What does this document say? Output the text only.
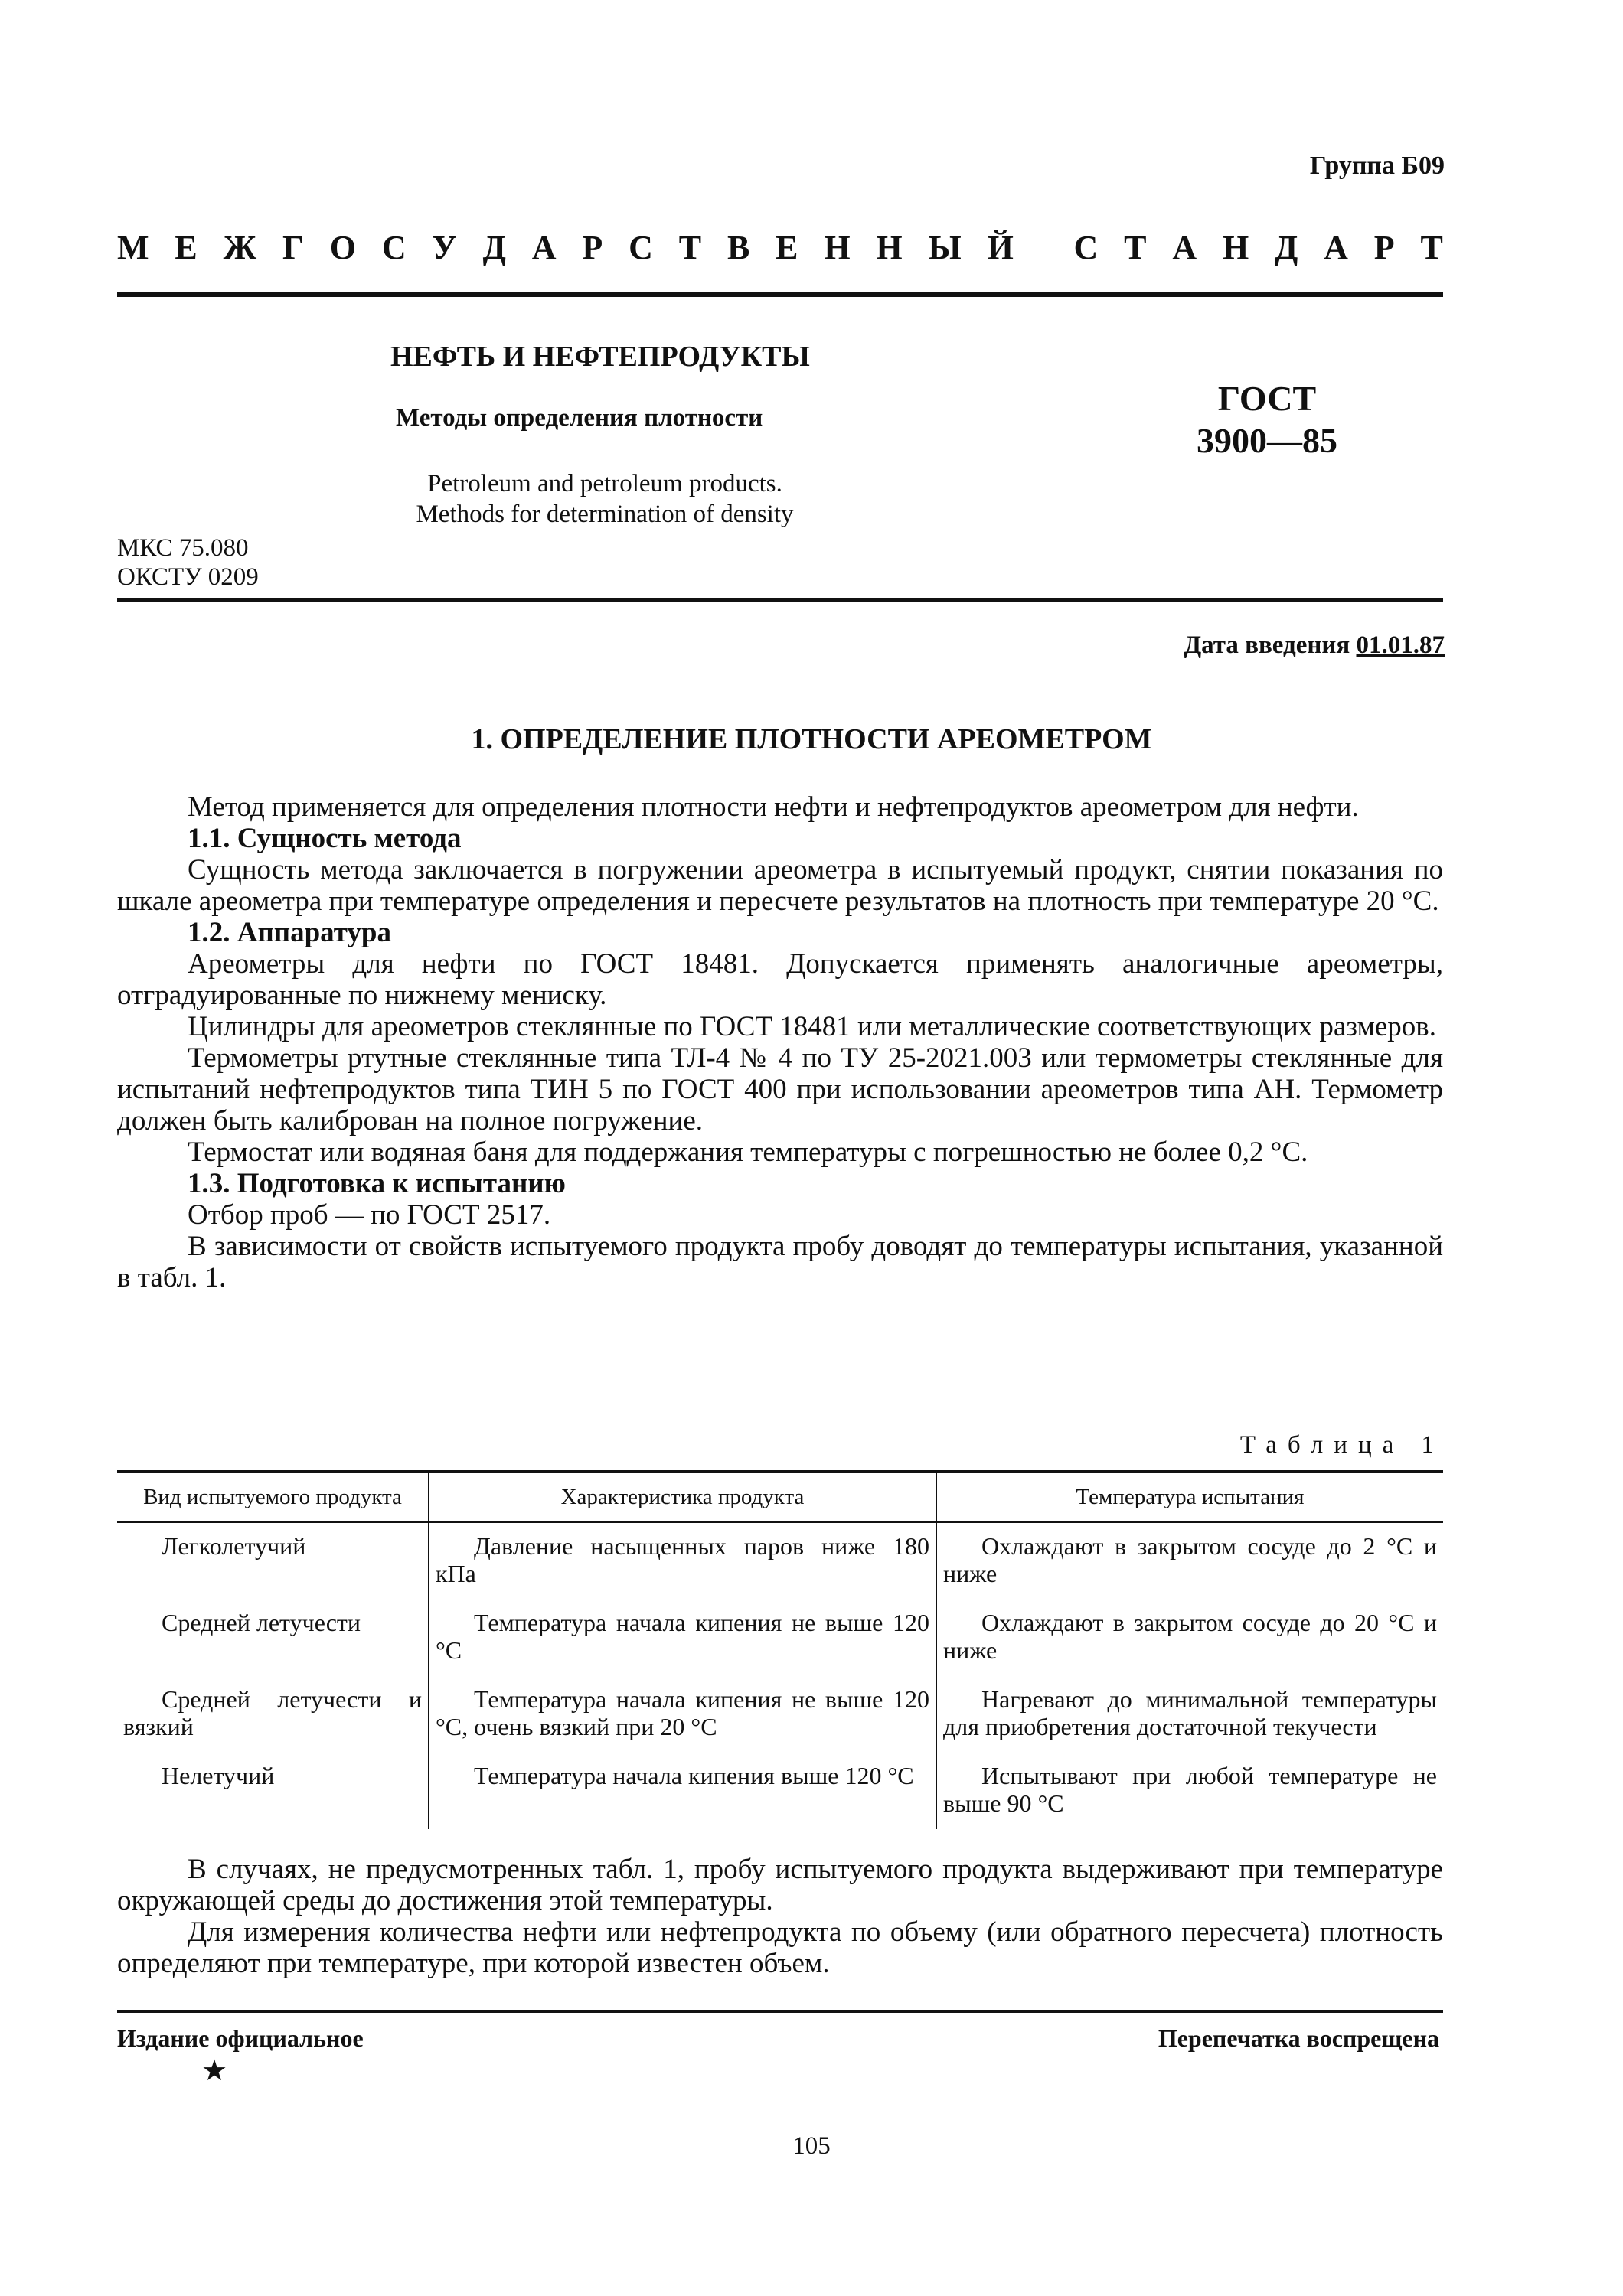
Группа Б09
М Е Ж Г О С У Д А Р С Т В Е Н Н Ы Й
С Т А Н Д А Р Т
НЕФТЬ И НЕФТЕПРОДУКТЫ
Методы определения плотности
Petroleum and petroleum products.
Methods for determination of density
ГОСТ
3900—85
МКС 75.080
ОКСТУ 0209
Дата введения 01.01.87
1. ОПРЕДЕЛЕНИЕ ПЛОТНОСТИ АРЕОМЕТРОМ

Метод применяется для определения плотности нефти и нефтепродуктов ареометром для нефти.

1.1. Сущность метода

Сущность метода заключается в погружении ареометра в испытуемый продукт, снятии показания по шкале ареометра при температуре определения и пересчете результатов на плотность при температуре 20 °С.

1.2. Аппаратура

Ареометры для нефти по ГОСТ 18481. Допускается применять аналогичные ареометры, отградуированные по нижнему мениску.

Цилиндры для ареометров стеклянные по ГОСТ 18481 или металлические соответствующих размеров.

Термометры ртутные стеклянные типа ТЛ-4 № 4 по ТУ 25-2021.003 или термометры стеклянные для испытаний нефтепродуктов типа ТИН 5 по ГОСТ 400 при использовании ареометров типа АН. Термометр должен быть калиброван на полное погружение.

Термостат или водяная баня для поддержания температуры с погрешностью не более 0,2 °С.

1.3. Подготовка к испытанию

Отбор проб — по ГОСТ 2517.

В зависимости от свойств испытуемого продукта пробу доводят до температуры испытания, указанной в табл. 1.

Таблица 1
Вид испытуемого продукта	Характеристика продукта	Температура испытания

Легколетучий	Давление насыщенных паров ниже 180 кПа	Охлаждают в закрытом сосуде до 2 °С и ниже

Средней летучести	Температура начала кипения не выше 120 °С	Охлаждают в закрытом сосуде до 20 °С и ниже

Средней летучести и вязкий	Температура начала кипения не выше 120 °С, очень вязкий при 20 °С	Нагревают до минимальной температуры для приобретения достаточной текучести

Нелетучий	Температура начала кипения выше 120 °С	Испытывают при любой температуре не выше 90 °С

В случаях, не предусмотренных табл. 1, пробу испытуемого продукта выдерживают при температуре окружающей среды до достижения этой температуры.

Для измерения количества нефти или нефтепродукта по объему (или обратного пересчета) плотность определяют при температуре, при которой известен объем.

Издание официальное
★
Перепечатка воспрещена
105
